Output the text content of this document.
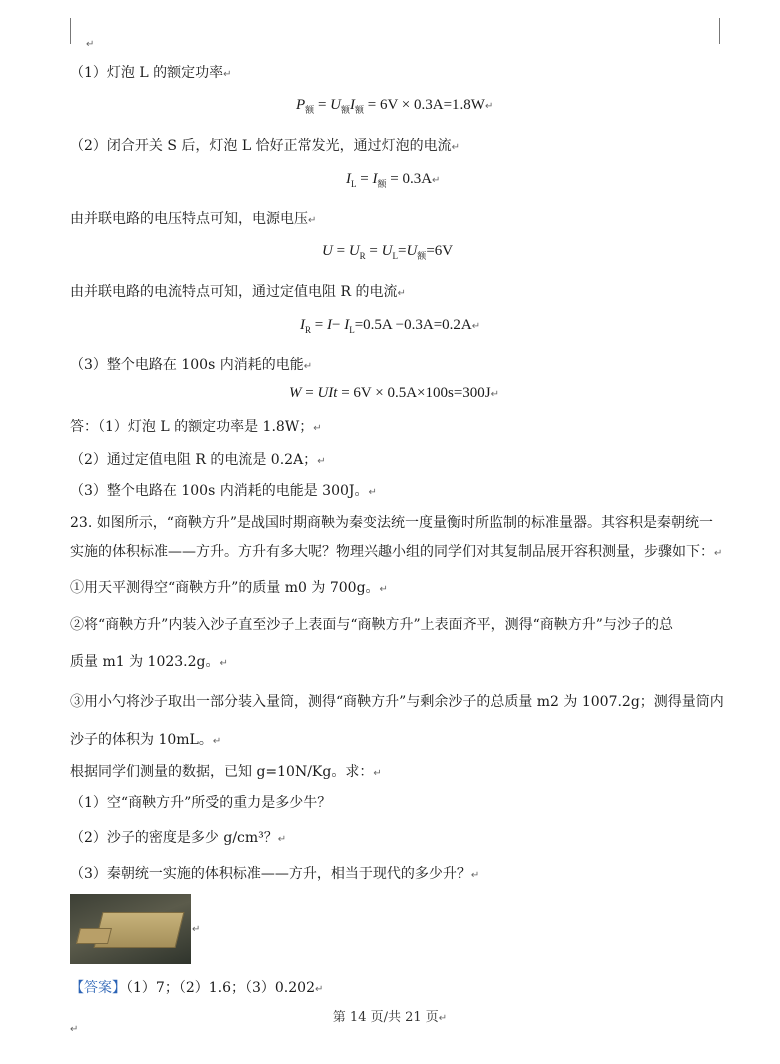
↵
（1）灯泡 L 的额定功率↵
$P_额 = U_额I_额 = 6V$ × 0.3A=1.8W↵
（2）闭合开关 S 后，灯泡 L 恰好正常发光，通过灯泡的电流↵
$I_L = I_额$ = 0.3A↵
由并联电路的电压特点可知，电源电压↵
$U = U_R = U_L=U_额=6V$
由并联电路的电流特点可知，通过定值电阻 R 的电流↵
$I_R = I- I_L=0.5A$ −0.3A=0.2A↵
（3）整个电路在 100s 内消耗的电能↵
W = UIt = 6V × 0.5A×100s=300J↵
答：（1）灯泡 L 的额定功率是 1.8W；↵
（2）通过定值电阻 R 的电流是 0.2A；↵
（3）整个电路在 100s 内消耗的电能是 300J。↵
23. 如图所示，“商鞅方升”是战国时期商鞅为秦变法统一度量衡时所监制的标准量器。其容积是秦朝统一
实施的体积标准——方升。方升有多大呢？物理兴趣小组的同学们对其复制品展开容积测量，步骤如下：↵
①用天平测得空“商鞅方升”的质量 m0 为 700g。↵
②将“商鞅方升”内装入沙子直至沙子上表面与“商鞅方升”上表面齐平，测得“商鞅方升”与沙子的总
质量 m1 为 1023.2g。↵
③用小勺将沙子取出一部分装入量筒，测得“商鞅方升”与剩余沙子的总质量 m2 为 1007.2g；测得量筒内
沙子的体积为 10mL。↵
根据同学们测量的数据，已知 g=10N/Kg。求：↵
（1）空“商鞅方升”所受的重力是多少牛？
（2）沙子的密度是多少 g/cm³？↵
（3）秦朝统一实施的体积标准——方升，相当于现代的多少升？↵
↵
【答案】（1）7；（2）1.6；（3）0.202↵
第 14 页/共 21 页↵
↵
